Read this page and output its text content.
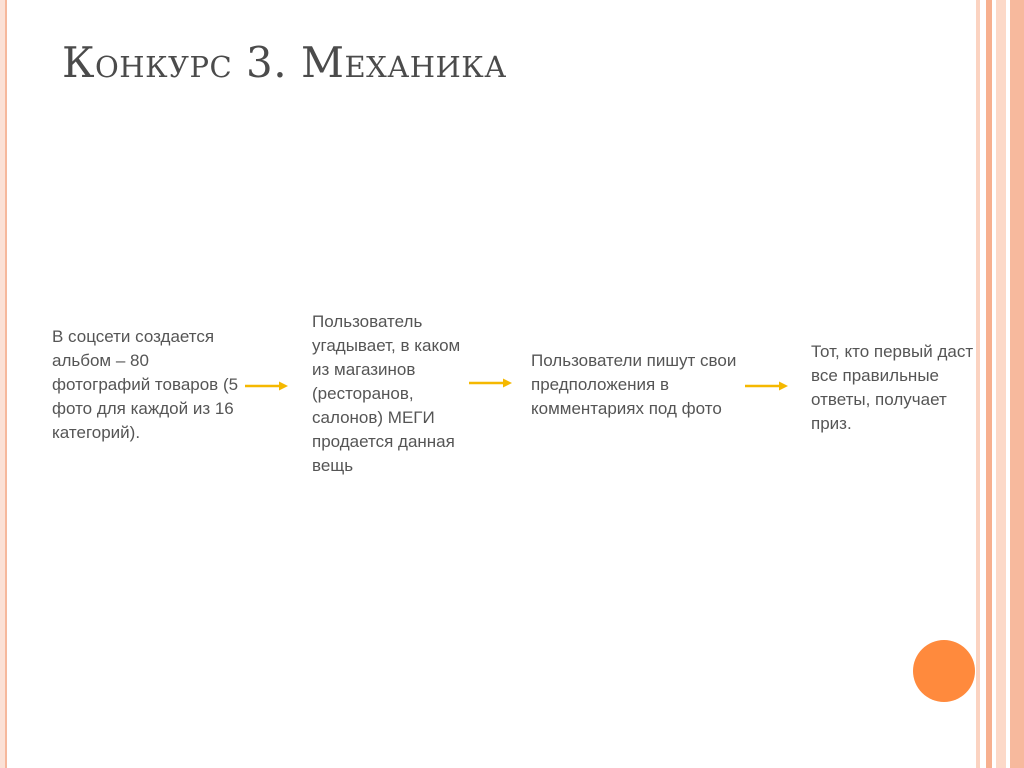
Конкурс 3. Механика

В соцсети создается альбом – 80 фотографий товаров (5 фото для каждой из 16 категорий).

Пользователь угадывает, в каком из магазинов (ресторанов, салонов) МЕГИ продается данная вещь

Пользователи пишут свои предположения в комментариях под фото

Тот, кто первый даст все правильные ответы, получает приз.
